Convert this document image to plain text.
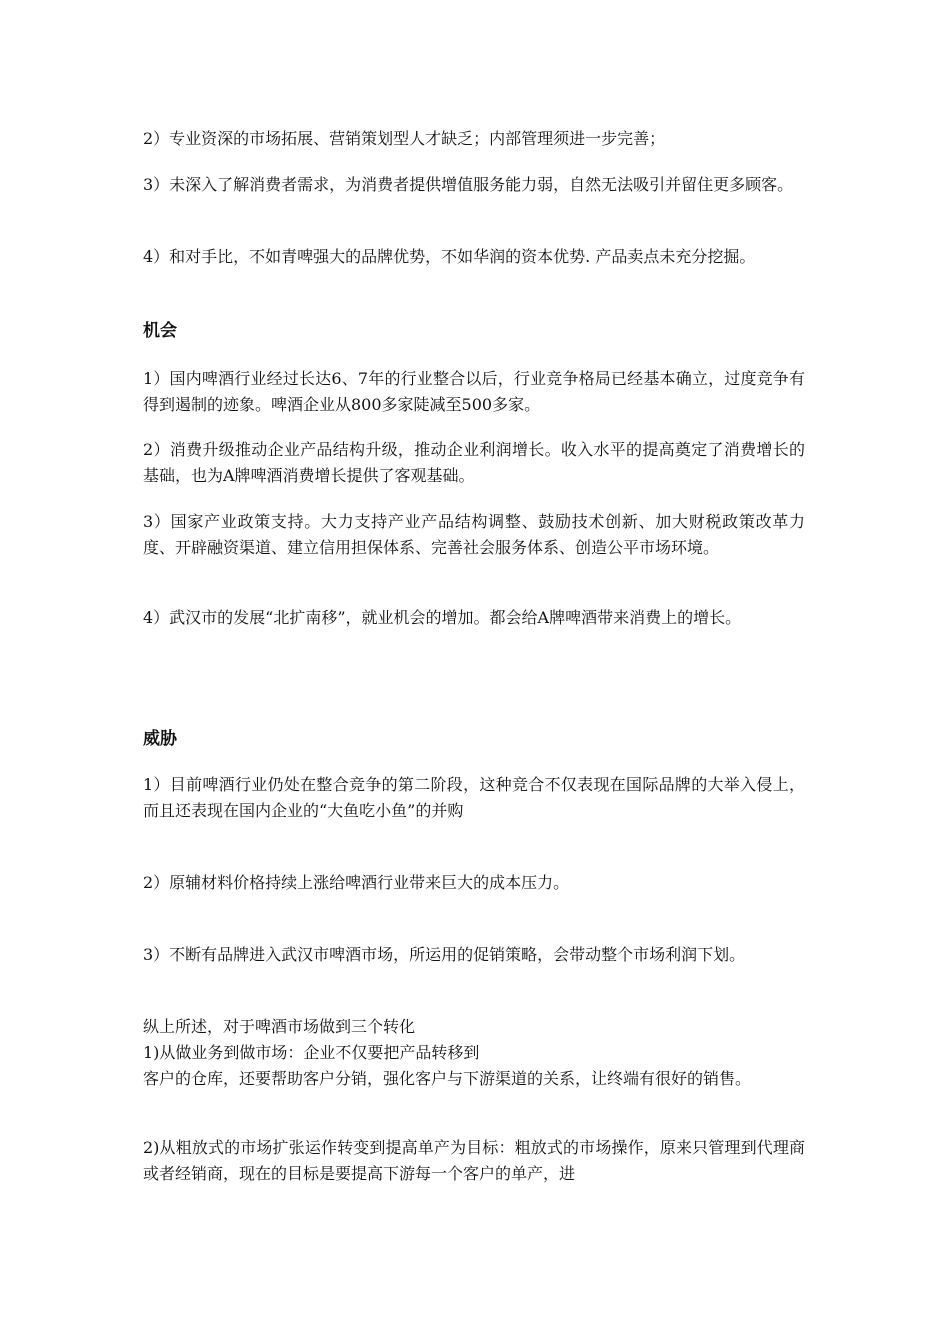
2）专业资深的市场拓展、营销策划型人才缺乏；内部管理须进一步完善；

3）未深入了解消费者需求，为消费者提供增值服务能力弱，自然无法吸引并留住更多顾客。

4）和对手比，不如青啤强大的品牌优势，不如华润的资本优势. 产品卖点未充分挖掘。

机会

1）国内啤酒行业经过长达6、7年的行业整合以后，行业竞争格局已经基本确立，过度竞争有得到遏制的迹象。啤酒企业从800多家陡减至500多家。

2）消费升级推动企业产品结构升级，推动企业利润增长。收入水平的提高奠定了消费增长的基础，也为A牌啤酒消费增长提供了客观基础。

3）国家产业政策支持。大力支持产业产品结构调整、鼓励技术创新、加大财税政策改革力度、开辟融资渠道、建立信用担保体系、完善社会服务体系、创造公平市场环境。

4）武汉市的发展“北扩南移”，就业机会的增加。都会给A牌啤酒带来消费上的增长。

威胁

1）目前啤酒行业仍处在整合竞争的第二阶段，这种竞合不仅表现在国际品牌的大举入侵上，而且还表现在国内企业的“大鱼吃小鱼”的并购

2）原辅材料价格持续上涨给啤酒行业带来巨大的成本压力。

3）不断有品牌进入武汉市啤酒市场，所运用的促销策略，会带动整个市场利润下划。

纵上所述，对于啤酒市场做到三个转化

1)从做业务到做市场：企业不仅要把产品转移到
客户的仓库，还要帮助客户分销，强化客户与下游渠道的关系，让终端有很好的销售。

2)从粗放式的市场扩张运作转变到提高单产为目标：粗放式的市场操作，原来只管理到代理商或者经销商，现在的目标是要提高下游每一个客户的单产，进
